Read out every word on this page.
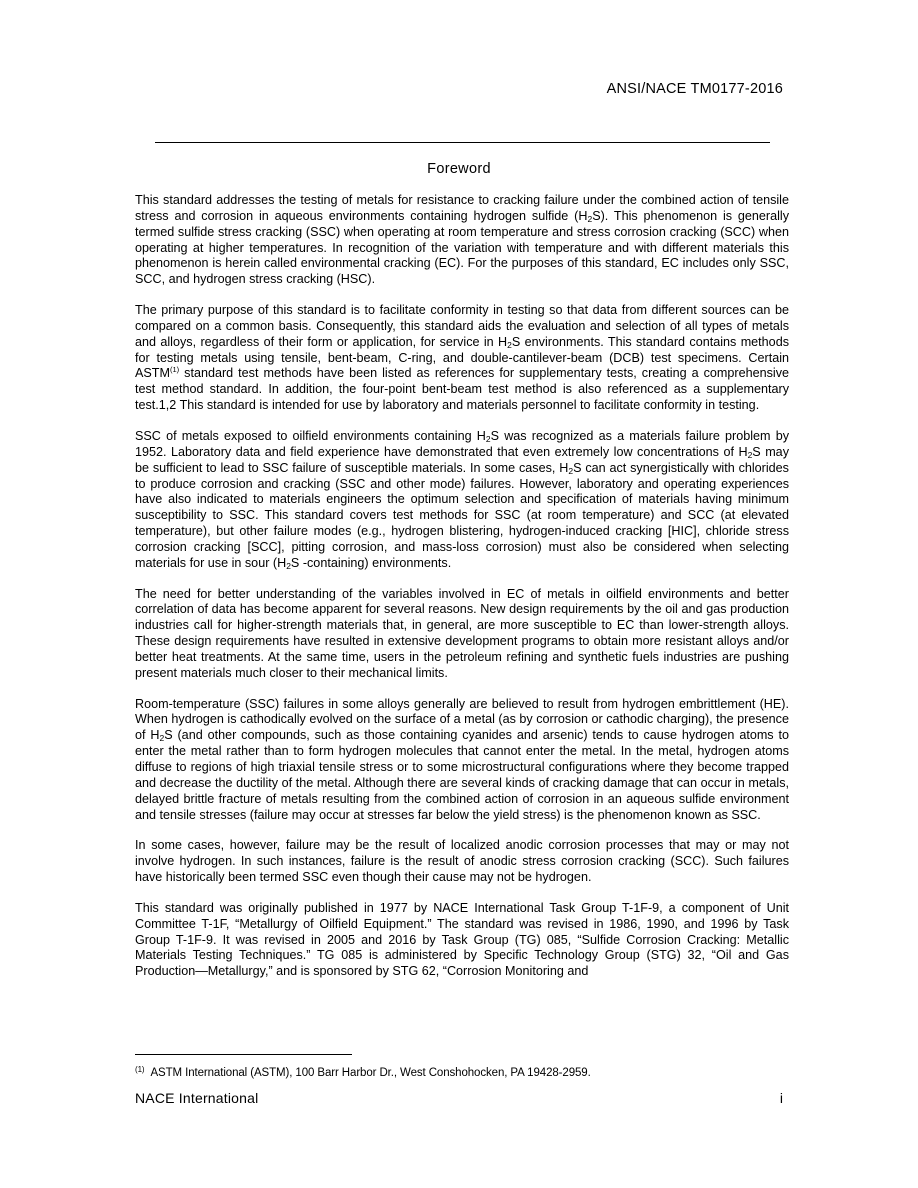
ANSI/NACE TM0177-2016
Foreword

This standard addresses the testing of metals for resistance to cracking failure under the combined action of tensile stress and corrosion in aqueous environments containing hydrogen sulfide $(H_2S)$. This phenomenon is generally termed sulfide stress cracking (SSC) when operating at room temperature and stress corrosion cracking (SCC) when operating at higher temperatures. In recognition of the variation with temperature and with different materials this phenomenon is herein called environmental cracking (EC). For the purposes of this standard, EC includes only SSC, SCC, and hydrogen stress cracking (HSC).

The primary purpose of this standard is to facilitate conformity in testing so that data from different sources can be compared on a common basis. Consequently, this standard aids the evaluation and selection of all types of metals and alloys, regardless of their form or application, for service in $H_2S$ environments. This standard contains methods for testing metals using tensile, bent-beam, C-ring, and double-cantilever-beam (DCB) test specimens. Certain ASTM$^{(1)}$ standard test methods have been listed as references for supplementary tests, creating a comprehensive test method standard. In addition, the four-point bent-beam test method is also referenced as a supplementary test.1,2 This standard is intended for use by laboratory and materials personnel to facilitate conformity in testing.

SSC of metals exposed to oilfield environments containing $H_2S$ was recognized as a materials failure problem by 1952. Laboratory data and field experience have demonstrated that even extremely low concentrations of $H_2S$ may be sufficient to lead to SSC failure of susceptible materials. In some cases, $H_2S$ can act synergistically with chlorides to produce corrosion and cracking (SSC and other mode) failures. However, laboratory and operating experiences have also indicated to materials engineers the optimum selection and specification of materials having minimum susceptibility to SSC. This standard covers test methods for SSC (at room temperature) and SCC (at elevated temperature), but other failure modes (e.g., hydrogen blistering, hydrogen-induced cracking [HIC], chloride stress corrosion cracking [SCC], pitting corrosion, and mass-loss corrosion) must also be considered when selecting materials for use in sour ($H_2S$ -containing) environments.

The need for better understanding of the variables involved in EC of metals in oilfield environments and better correlation of data has become apparent for several reasons. New design requirements by the oil and gas production industries call for higher-strength materials that, in general, are more susceptible to EC than lower-strength alloys. These design requirements have resulted in extensive development programs to obtain more resistant alloys and/or better heat treatments. At the same time, users in the petroleum refining and synthetic fuels industries are pushing present materials much closer to their mechanical limits.

Room-temperature (SSC) failures in some alloys generally are believed to result from hydrogen embrittlement (HE). When hydrogen is cathodically evolved on the surface of a metal (as by corrosion or cathodic charging), the presence of $H_2S$ (and other compounds, such as those containing cyanides and arsenic) tends to cause hydrogen atoms to enter the metal rather than to form hydrogen molecules that cannot enter the metal. In the metal, hydrogen atoms diffuse to regions of high triaxial tensile stress or to some microstructural configurations where they become trapped and decrease the ductility of the metal. Although there are several kinds of cracking damage that can occur in metals, delayed brittle fracture of metals resulting from the combined action of corrosion in an aqueous sulfide environment and tensile stresses (failure may occur at stresses far below the yield stress) is the phenomenon known as SSC.

In some cases, however, failure may be the result of localized anodic corrosion processes that may or may not involve hydrogen. In such instances, failure is the result of anodic stress corrosion cracking (SCC). Such failures have historically been termed SSC even though their cause may not be hydrogen.

This standard was originally published in 1977 by NACE International Task Group T-1F-9, a component of Unit Committee T-1F, “Metallurgy of Oilfield Equipment.” The standard was revised in 1986, 1990, and 1996 by Task Group T-1F-9. It was revised in 2005 and 2016 by Task Group (TG) 085, “Sulfide Corrosion Cracking: Metallic Materials Testing Techniques.” TG 085 is administered by Specific Technology Group (STG) 32, “Oil and Gas Production—Metallurgy,” and is sponsored by STG 62, “Corrosion Monitoring and

$^{(1)}$ ASTM International (ASTM), 100 Barr Harbor Dr., West Conshohocken, PA 19428-2959.
NACE International	i
